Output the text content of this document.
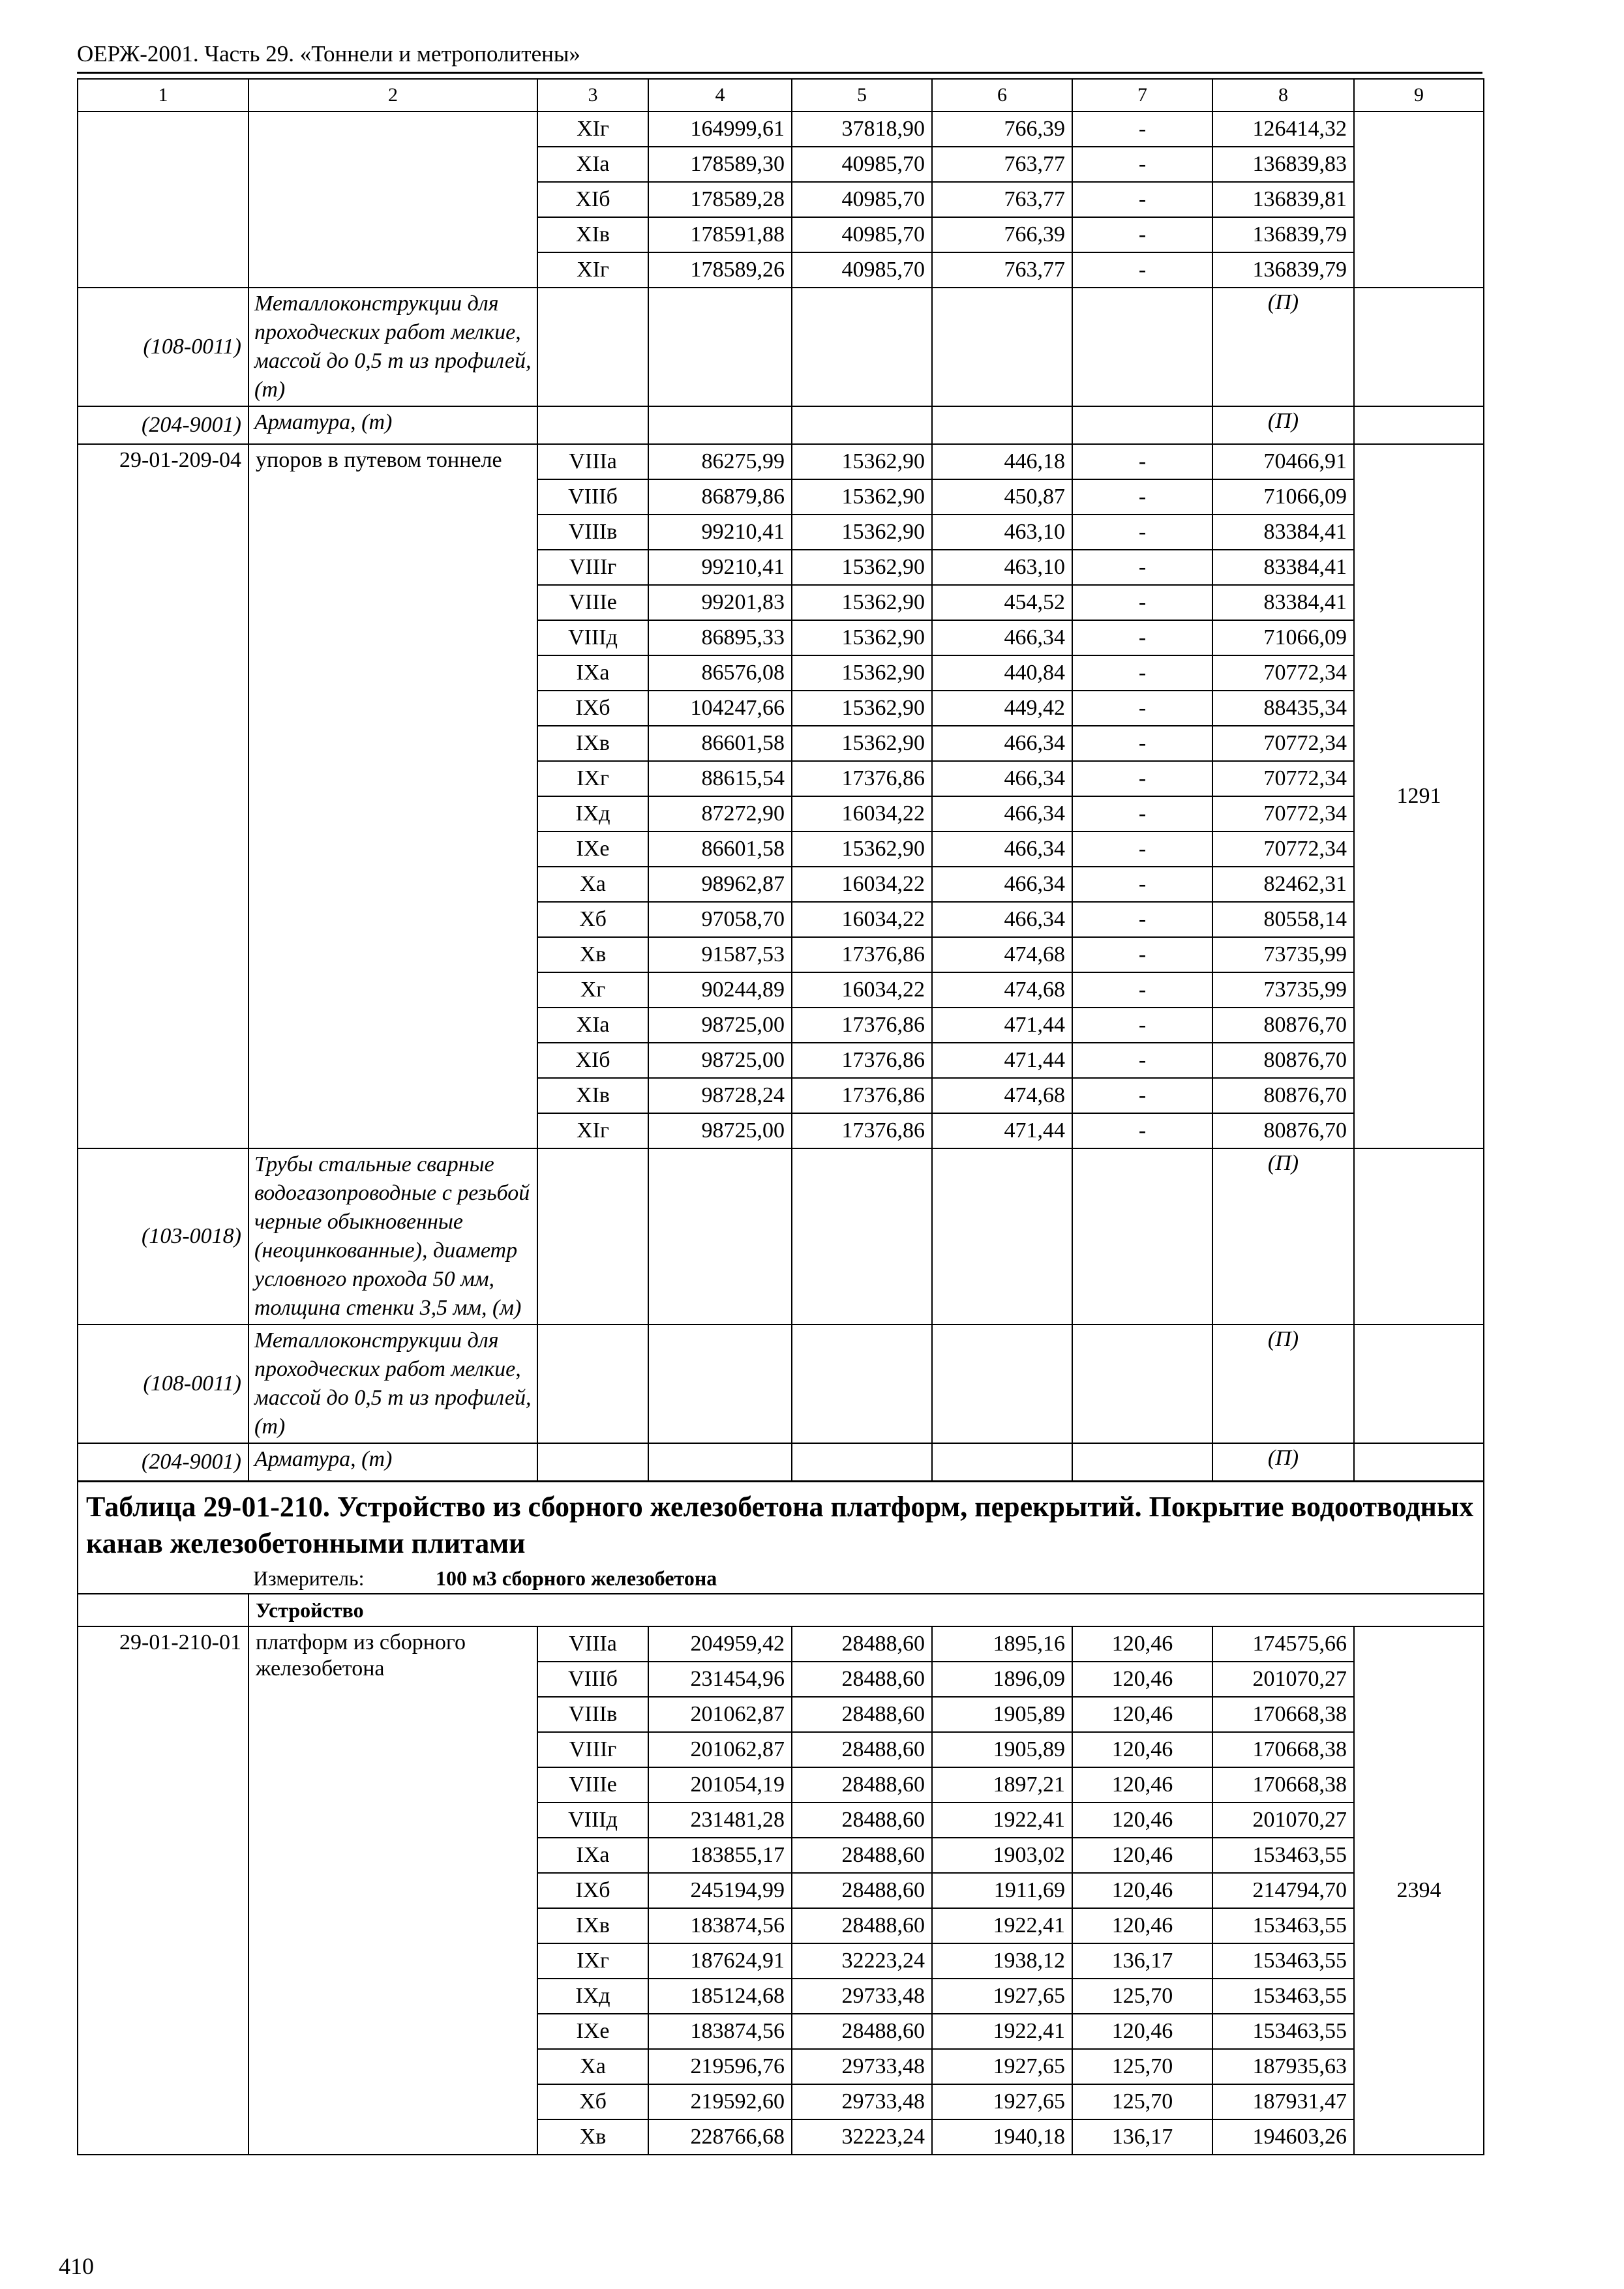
ОЕРЖ-2001. Часть 29. «Тоннели и метрополитены»
1	2	3	4	5	6	7	8	9
		ХIг	164999,61	37818,90	766,39	-	126414,32	
		ХIа	178589,30	40985,70	763,77	-	136839,83	
		ХIб	178589,28	40985,70	763,77	-	136839,81	
		ХIв	178591,88	40985,70	766,39	-	136839,79	
		ХIг	178589,26	40985,70	763,77	-	136839,79	
(108-0011)	Металлоконструкции для проходческих работ мелкие, массой до 0,5 т из профилей, (т)						(П)	
(204-9001)	Арматура, (т)						(П)	
29-01-209-04	упоров в путевом тоннеле	VIIIа	86275,99	15362,90	446,18	-	70466,91	1291
		VIIIб	86879,86	15362,90	450,87	-	71066,09	
		VIIIв	99210,41	15362,90	463,10	-	83384,41	
		VIIIг	99210,41	15362,90	463,10	-	83384,41	
		VIIIе	99201,83	15362,90	454,52	-	83384,41	
		VIIIд	86895,33	15362,90	466,34	-	71066,09	
		IХа	86576,08	15362,90	440,84	-	70772,34	
		IХб	104247,66	15362,90	449,42	-	88435,34	
		IХв	86601,58	15362,90	466,34	-	70772,34	
		IХг	88615,54	17376,86	466,34	-	70772,34	
		IХд	87272,90	16034,22	466,34	-	70772,34	
		IХе	86601,58	15362,90	466,34	-	70772,34	
		Ха	98962,87	16034,22	466,34	-	82462,31	
		Хб	97058,70	16034,22	466,34	-	80558,14	
		Хв	91587,53	17376,86	474,68	-	73735,99	
		Хг	90244,89	16034,22	474,68	-	73735,99	
		ХIа	98725,00	17376,86	471,44	-	80876,70	
		ХIб	98725,00	17376,86	471,44	-	80876,70	
		ХIв	98728,24	17376,86	474,68	-	80876,70	
		ХIг	98725,00	17376,86	471,44	-	80876,70	
(103-0018)	Трубы стальные сварные водогазопроводные с резьбой черные обыкновенные (неоцинкованные), диаметр условного прохода 50 мм, толщина стенки 3,5 мм, (м)						(П)	
(108-0011)	Металлоконструкции для проходческих работ мелкие, массой до 0,5 т из профилей, (т)						(П)	
(204-9001)	Арматура, (т)						(П)	
Таблица 29-01-210. Устройство из сборного железобетона платформ, перекрытий. Покрытие водоотводных канав железобетонными плитами								
Измеритель: 100 м3 сборного железобетона								
	Устройство							
29-01-210-01	платформ из сборного железобетона	VIIIа	204959,42	28488,60	1895,16	120,46	174575,66	2394
		VIIIб	231454,96	28488,60	1896,09	120,46	201070,27	
		VIIIв	201062,87	28488,60	1905,89	120,46	170668,38	
		VIIIг	201062,87	28488,60	1905,89	120,46	170668,38	
		VIIIе	201054,19	28488,60	1897,21	120,46	170668,38	
		VIIIд	231481,28	28488,60	1922,41	120,46	201070,27	
		IХа	183855,17	28488,60	1903,02	120,46	153463,55	
		IХб	245194,99	28488,60	1911,69	120,46	214794,70	
		IХв	183874,56	28488,60	1922,41	120,46	153463,55	
		IХг	187624,91	32223,24	1938,12	136,17	153463,55	
		IХд	185124,68	29733,48	1927,65	125,70	153463,55	
		IХе	183874,56	28488,60	1922,41	120,46	153463,55	
		Ха	219596,76	29733,48	1927,65	125,70	187935,63	
		Хб	219592,60	29733,48	1927,65	125,70	187931,47	
		Хв	228766,68	32223,24	1940,18	136,17	194603,26	
410
